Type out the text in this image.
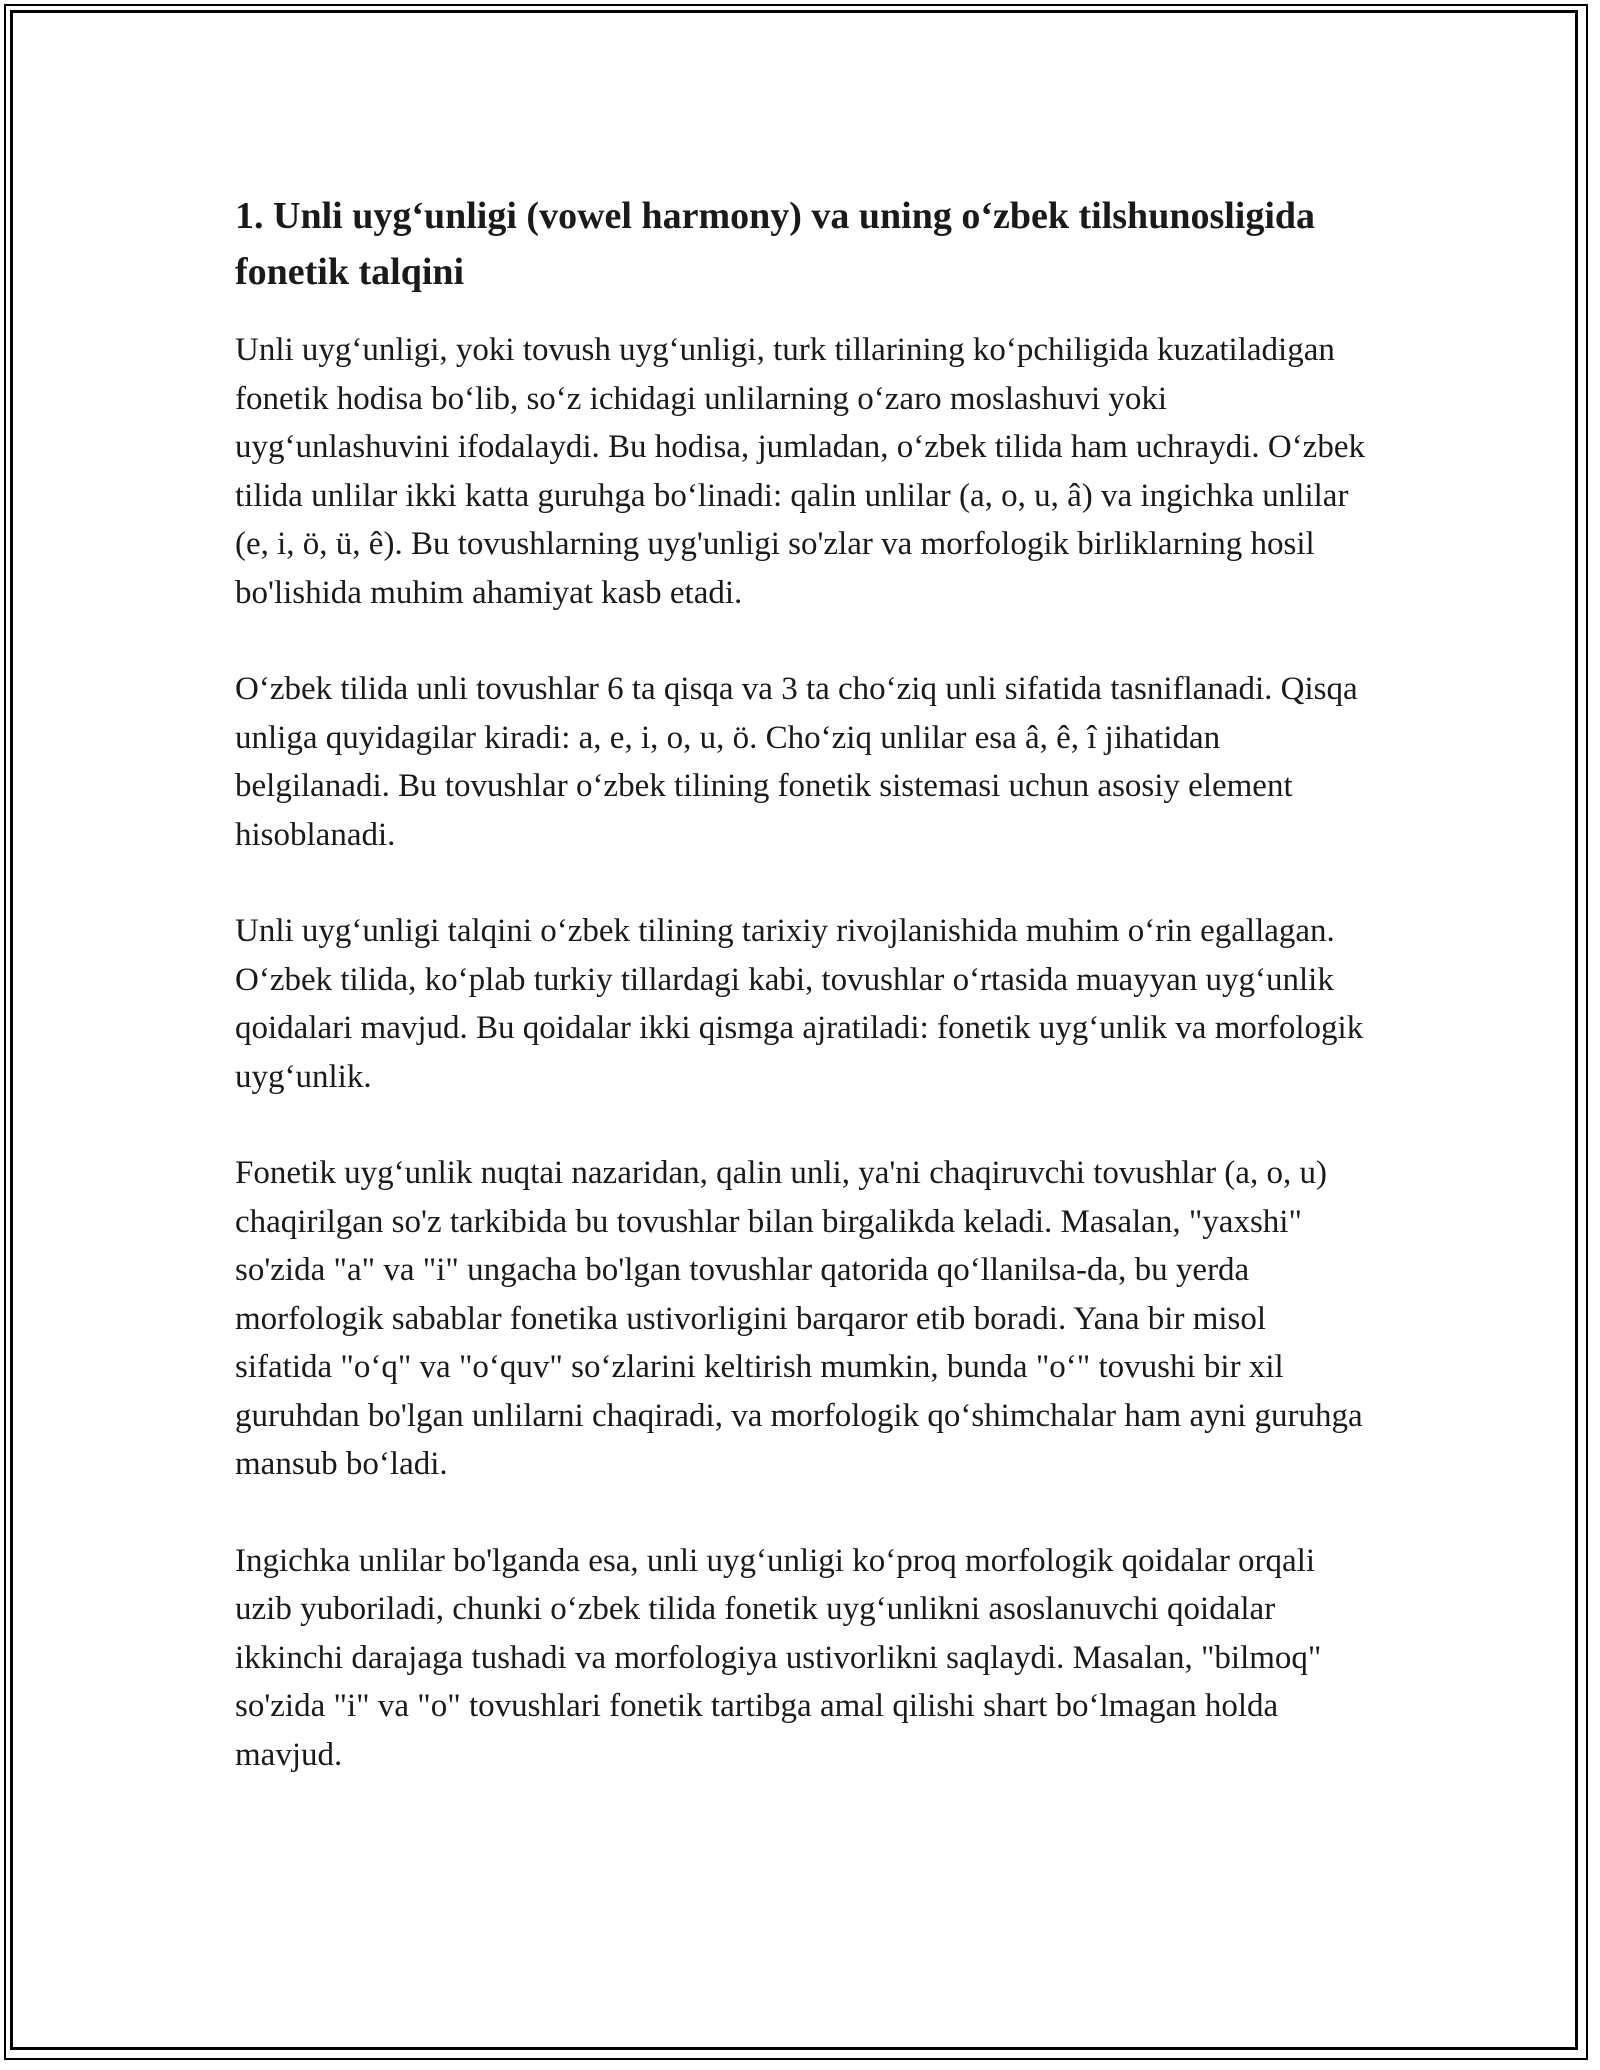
1. Unli uyg‘unligi (vowel harmony) va uning o‘zbek tilshunosligida fonetik talqini

Unli uyg‘unligi, yoki tovush uyg‘unligi, turk tillarining ko‘pchiligida kuzatiladigan fonetik hodisa bo‘lib, so‘z ichidagi unlilarning o‘zaro moslashuvi yoki uyg‘unlashuvini ifodalaydi. Bu hodisa, jumladan, o‘zbek tilida ham uchraydi. O‘zbek tilida unlilar ikki katta guruhga bo‘linadi: qalin unlilar (a, o, u, â) va ingichka unlilar (e, i, ö, ü, ê). Bu tovushlarning uyg'unligi so'zlar va morfologik birliklarning hosil bo'lishida muhim ahamiyat kasb etadi.

O‘zbek tilida unli tovushlar 6 ta qisqa va 3 ta cho‘ziq unli sifatida tasniflanadi. Qisqa unliga quyidagilar kiradi: a, e, i, o, u, ö. Cho‘ziq unlilar esa â, ê, î jihatidan belgilanadi. Bu tovushlar o‘zbek tilining fonetik sistemasi uchun asosiy element hisoblanadi.

Unli uyg‘unligi talqini o‘zbek tilining tarixiy rivojlanishida muhim o‘rin egallagan. O‘zbek tilida, ko‘plab turkiy tillardagi kabi, tovushlar o‘rtasida muayyan uyg‘unlik qoidalari mavjud. Bu qoidalar ikki qismga ajratiladi: fonetik uyg‘unlik va morfologik uyg‘unlik.

Fonetik uyg‘unlik nuqtai nazaridan, qalin unli, ya'ni chaqiruvchi tovushlar (a, o, u) chaqirilgan so'z tarkibida bu tovushlar bilan birgalikda keladi. Masalan, "yaxshi" so'zida "a" va "i" ungacha bo'lgan tovushlar qatorida qo‘llanilsa-da, bu yerda morfologik sabablar fonetika ustivorligini barqaror etib boradi. Yana bir misol sifatida "o‘q" va "o‘quv" so‘zlarini keltirish mumkin, bunda "o‘" tovushi bir xil guruhdan bo'lgan unlilarni chaqiradi, va morfologik qo‘shimchalar ham ayni guruhga mansub bo‘ladi.

Ingichka unlilar bo'lganda esa, unli uyg‘unligi ko‘proq morfologik qoidalar orqali uzib yuboriladi, chunki o‘zbek tilida fonetik uyg‘unlikni asoslanuvchi qoidalar ikkinchi darajaga tushadi va morfologiya ustivorlikni saqlaydi. Masalan, "bilmoq" so'zida "i" va "o" tovushlari fonetik tartibga amal qilishi shart bo‘lmagan holda mavjud.
